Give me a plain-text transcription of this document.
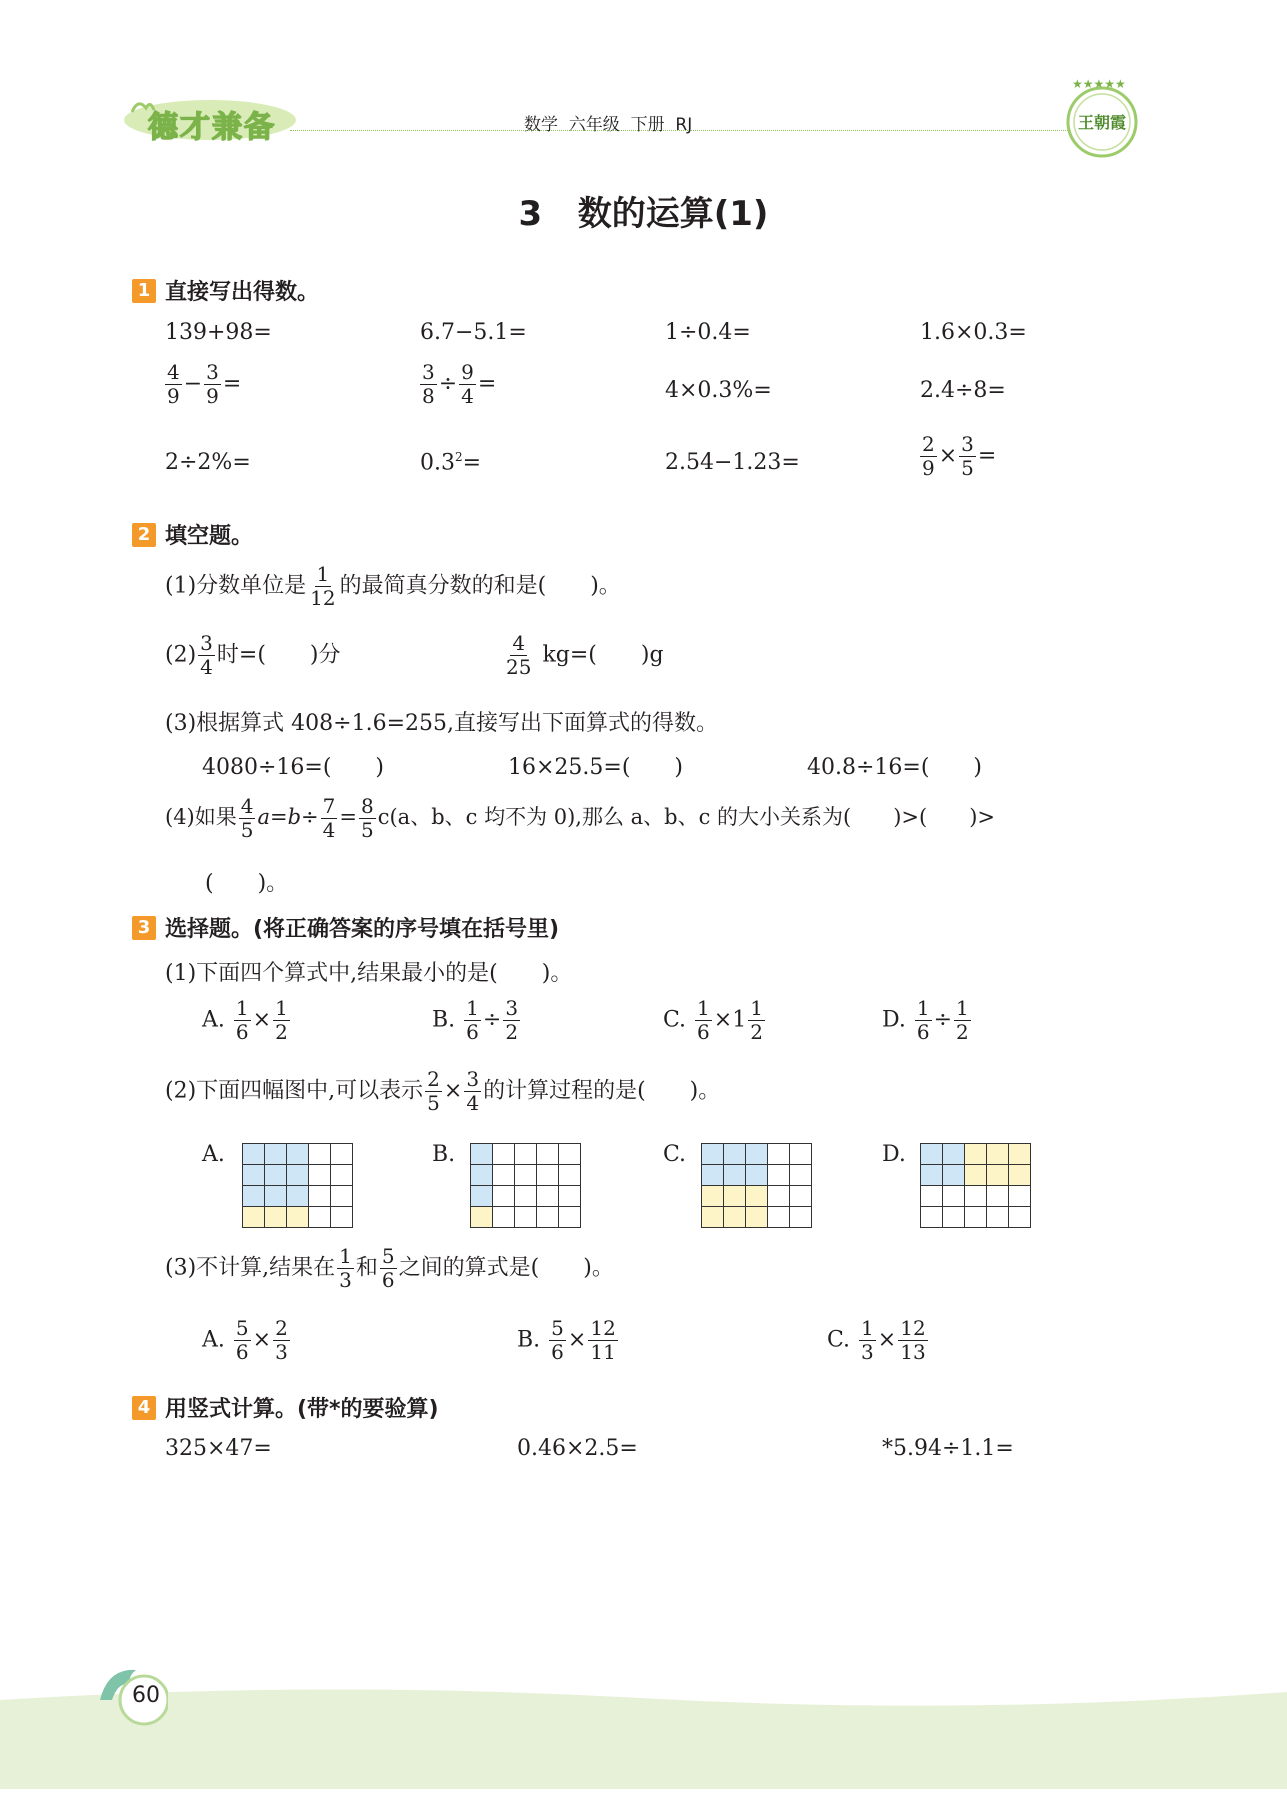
德才兼备	数学  六年级  下册  RJ
★★★★★
王朝霞
3   数的运算(1)
1 直接写出得数。
139+98=	6.7−5.1=	1÷0.4=	1.6×0.3=
$\frac{4}{9} - \frac{3}{9}$ =	$\frac{3}{8} \div \frac{9}{4}$ =	4×0.3%=	2.4÷8=
2÷2%=	$0.3^2=$	2.54−1.23=	$\frac{2}{9} \times \frac{3}{5}$ =
2 填空题。
(1)分数单位是 $\frac{1}{12}$ 的最简真分数的和是(　　)。
$(2) \frac{3}{4}$ 时=(　　)分	$\frac{4}{25} kg=$(　　)g
(3)根据算式 408÷1.6=255,直接写出下面算式的得数。
4080÷16=(　　)	16×25.5=(　　)	40.8÷16=(　　)
(4)如果 $\frac{4}{5} a=b\div \frac{7}{4} = \frac{8}{5} c(a$、b、c 均不为 0),那么 a、b、c 的大小关系为(　　)>(　　)>
(　　)。
3 选择题。(将正确答案的序号填在括号里)
(1)下面四个算式中,结果最小的是(　　)。
A. $\frac{1}{6} \times \frac{1}{2}$	B. $\frac{1}{6} \div \frac{3}{2}$	C. $\frac{1}{6} \times 1 \frac{1}{2}$	D. $\frac{1}{6} \div \frac{1}{2}$
(2)下面四幅图中,可以表示 $\frac{2}{5} \times \frac{3}{4}$ 的计算过程的是(　　)。
A.

					B.

					C.

					D.

(3)不计算,结果在 $\frac{1}{3}$ 和 $\frac{5}{6}$ 之间的算式是(　　)。
A. $\frac{5}{6} \times \frac{2}{3}$	B. $\frac{5}{6} \times \frac{12}{11}$	C. $\frac{1}{3} \times \frac{12}{13}$
4 用竖式计算。(带*的要验算)
325×47=	0.46×2.5=	*5.94÷1.1=
60
